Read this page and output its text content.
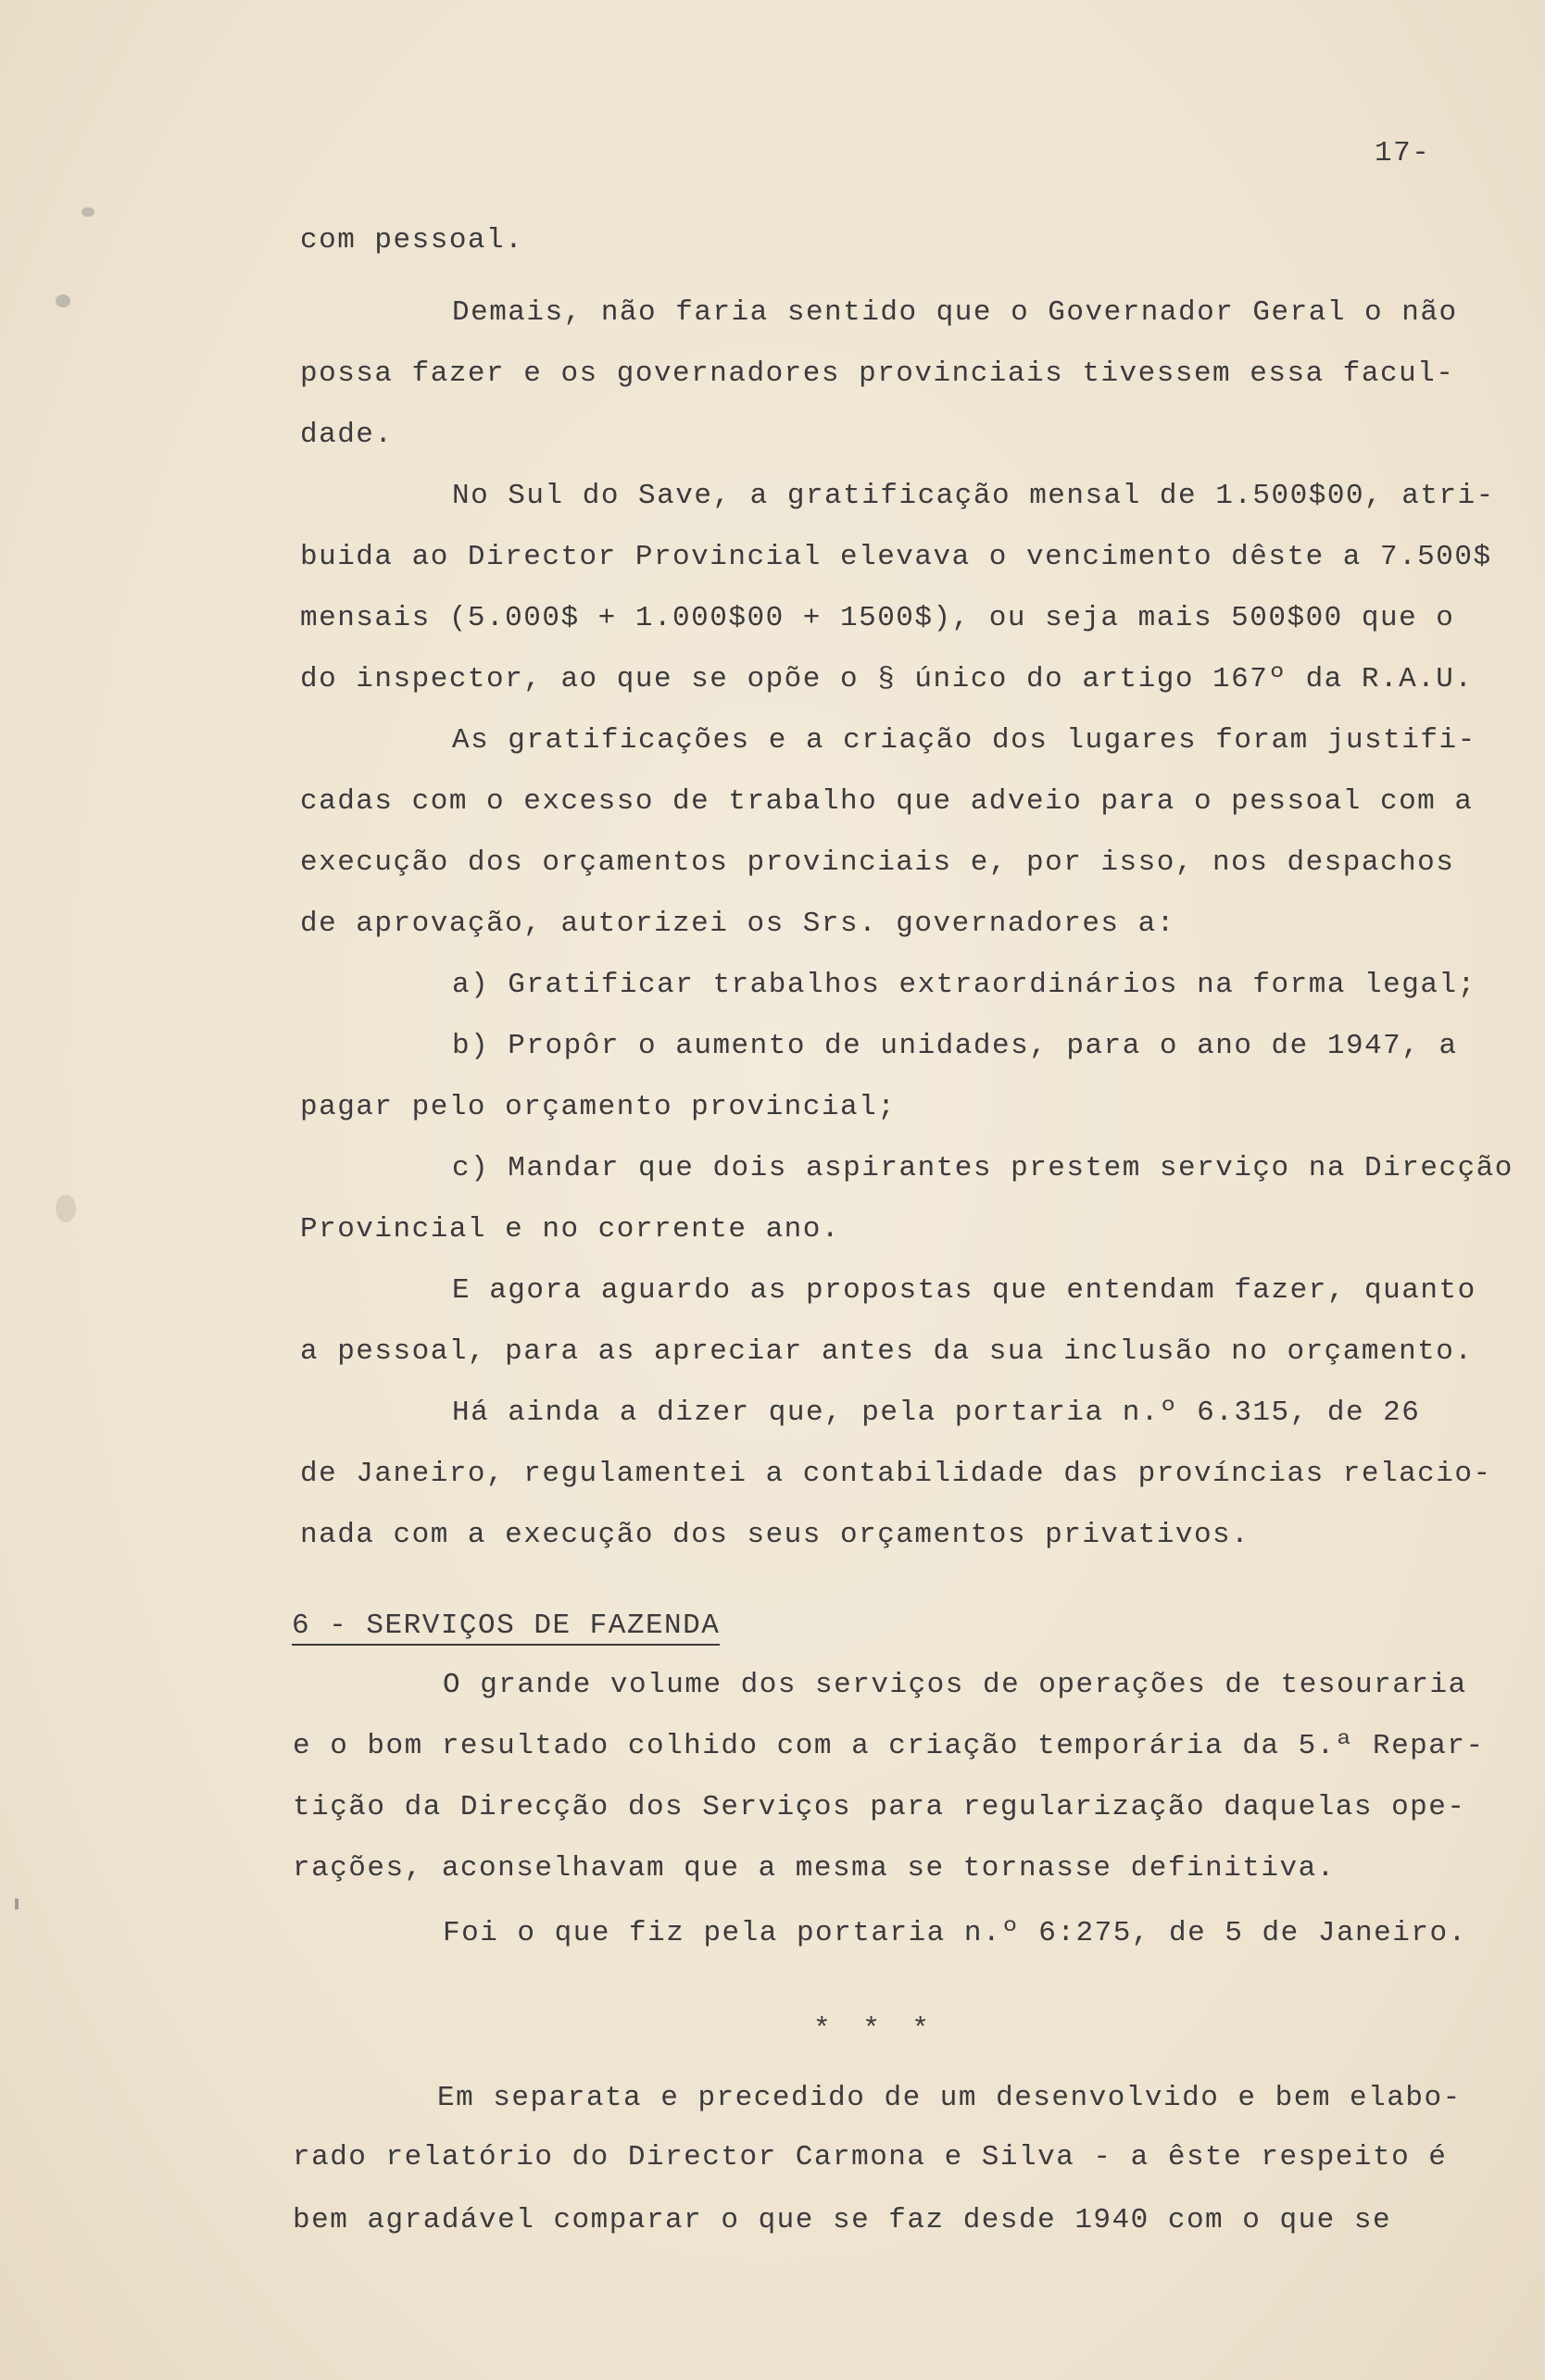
17-
com pessoal.
Demais, não faria sentido que o Governador Geral o não
possa fazer e os governadores provinciais tivessem essa facul-
dade.
No Sul do Save, a gratificação mensal de 1.500$00, atri-
buida ao Director Provincial elevava o vencimento dêste a 7.500$
mensais (5.000$ + 1.000$00 + 1500$), ou seja mais 500$00 que o
do inspector, ao que se opõe o § único do artigo 167º da R.A.U.
As gratificações e a criação dos lugares foram justifi-
cadas com o excesso de trabalho que adveio para o pessoal com a
execução dos orçamentos provinciais e, por isso, nos despachos
de aprovação, autorizei os Srs. governadores a:
a) Gratificar trabalhos extraordinários na forma legal;
b) Propôr o aumento de unidades, para o ano de 1947, a
pagar pelo orçamento provincial;
c) Mandar que dois aspirantes prestem serviço na Direcção
Provincial e no corrente ano.
E agora aguardo as propostas que entendam fazer, quanto
a pessoal, para as apreciar antes da sua inclusão no orçamento.
Há ainda a dizer que, pela portaria n.º 6.315, de 26
de Janeiro, regulamentei a contabilidade das províncias relacio-
nada com a execução dos seus orçamentos privativos.
6 - SERVIÇOS DE FAZENDA
O grande volume dos serviços de operações de tesouraria
e o bom resultado colhido com a criação temporária da 5.ª Repar-
tição da Direcção dos Serviços para regularização daquelas ope-
rações, aconselhavam que a mesma se tornasse definitiva.
Foi o que fiz pela portaria n.º 6:275, de 5 de Janeiro.
* * *
Em separata e precedido de um desenvolvido e bem elabo-
rado relatório do Director Carmona e Silva - a êste respeito é
bem agradável comparar o que se faz desde 1940 com o que se
